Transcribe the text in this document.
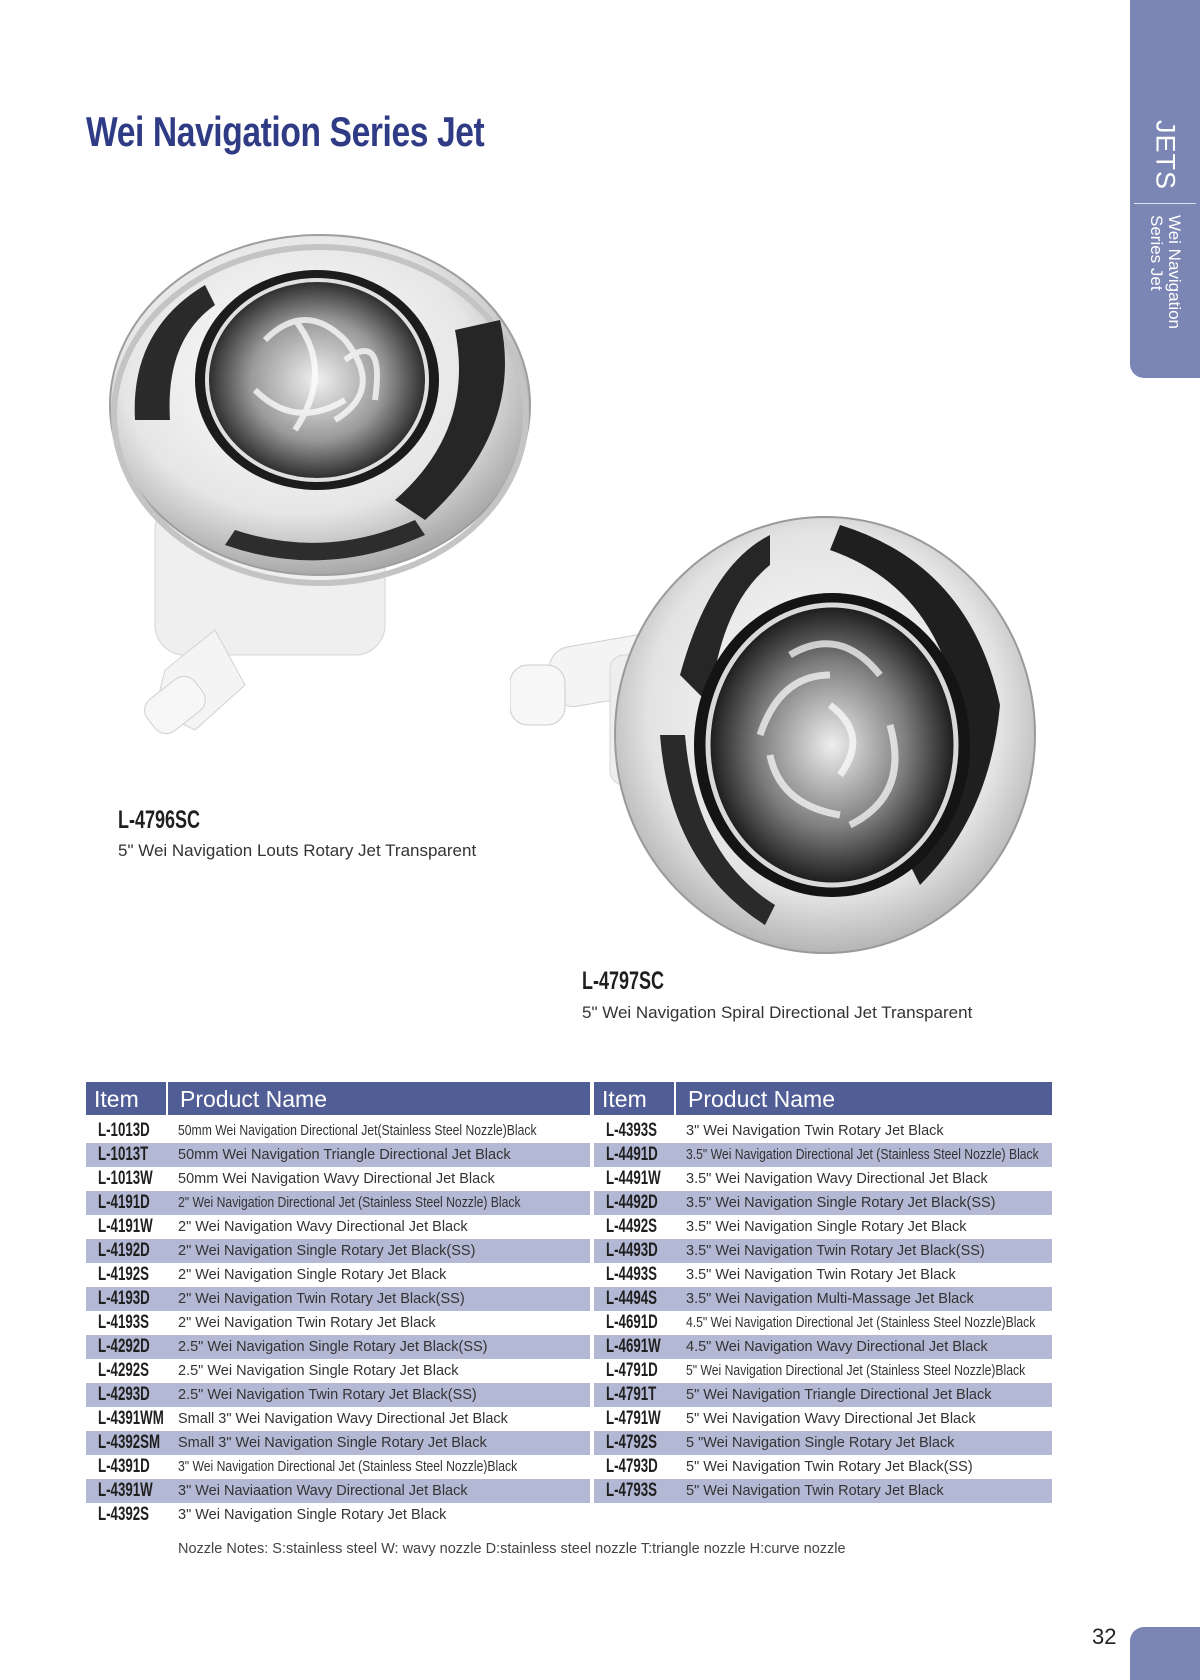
JETS
Wei Navigation
Series Jet
Wei Navigation Series Jet
L-4796SC
5" Wei Navigation Louts Rotary Jet Transparent
L-4797SC
5" Wei Navigation Spiral Directional Jet Transparent
Item	Product Name
L-1013D	50mm Wei Navigation Directional Jet(Stainless Steel Nozzle)Black
L-1013T	50mm Wei Navigation Triangle Directional Jet Black
L-1013W	50mm Wei Navigation Wavy Directional Jet Black
L-4191D	2" Wei Navigation Directional Jet (Stainless Steel Nozzle) Black
L-4191W	2" Wei Navigation Wavy Directional Jet Black
L-4192D	2" Wei Navigation Single Rotary Jet Black(SS)
L-4192S	2" Wei Navigation Single Rotary Jet Black
L-4193D	2" Wei Navigation Twin Rotary Jet Black(SS)
L-4193S	2" Wei Navigation Twin Rotary Jet Black
L-4292D	2.5" Wei Navigation Single Rotary Jet Black(SS)
L-4292S	2.5" Wei Navigation Single Rotary Jet Black
L-4293D	2.5" Wei Navigation Twin Rotary Jet Black(SS)
L-4391WM Small 3" Wei Navigation Wavy Directional Jet Black
L-4392SM	Small 3" Wei Navigation Single Rotary Jet Black
L-4391D	3" Wei Navigation Directional Jet (Stainless Steel Nozzle)Black
L-4391W	3" Wei Naviaation Wavy Directional Jet Black
L-4392S	3" Wei Navigation Single Rotary Jet Black
Item	Product Name
L-4393S	3" Wei Navigation Twin Rotary Jet Black
L-4491D	3.5" Wei Navigation Directional Jet (Stainless Steel Nozzle) Black
L-4491W	3.5" Wei Navigation Wavy Directional Jet Black
L-4492D	3.5" Wei Navigation Single Rotary Jet Black(SS)
L-4492S	3.5" Wei Navigation Single Rotary Jet Black
L-4493D	3.5" Wei Navigation Twin Rotary Jet Black(SS)
L-4493S	3.5" Wei Navigation Twin Rotary Jet Black
L-4494S	3.5" Wei Navigation Multi-Massage Jet Black
L-4691D	4.5" Wei Navigation Directional Jet (Stainless Steel Nozzle)Black
L-4691W	4.5" Wei Navigation Wavy Directional Jet Black
L-4791D	5" Wei Navigation Directional Jet (Stainless Steel Nozzle)Black
L-4791T	5" Wei Navigation Triangle Directional Jet Black
L-4791W	5" Wei Navigation Wavy Directional Jet Black
L-4792S	5 "Wei Navigation Single Rotary Jet Black
L-4793D	5" Wei Navigation Twin Rotary Jet Black(SS)
L-4793S	5" Wei Navigation Twin Rotary Jet Black
Nozzle Notes: S:stainless steel W: wavy nozzle D:stainless steel nozzle T:triangle nozzle H:curve nozzle
32
